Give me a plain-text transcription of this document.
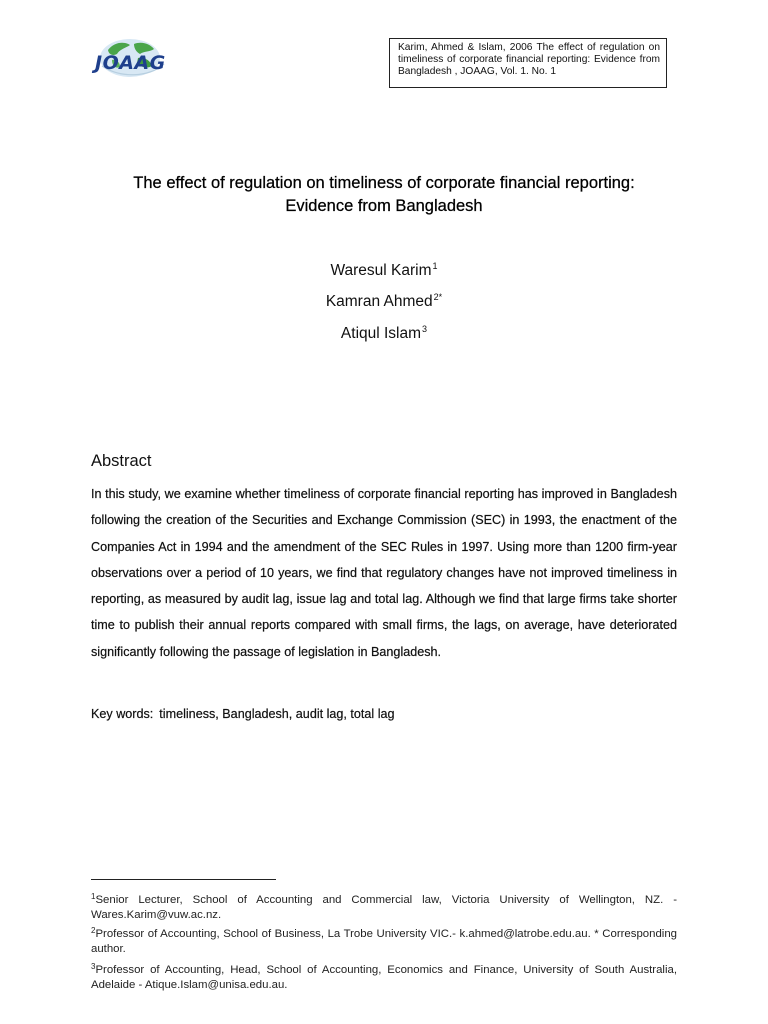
JOAAG
Karim, Ahmed & Islam, 2006 The effect of regulation on timeliness of corporate financial reporting: Evidence from Bangladesh , JOAAG, Vol. 1. No. 1
The effect of regulation on timeliness of corporate financial reporting:
Evidence from Bangladesh
Waresul Karim$^1$
Kamran Ahmed$^{2*}$
Atiqul Islam$^3$
Abstract

In this study, we examine whether timeliness of corporate financial reporting has improved in Bangladesh following the creation of the Securities and Exchange Commission (SEC) in 1993, the enactment of the Companies Act in 1994 and the amendment of the SEC Rules in 1997. Using more than 1200 firm-year observations over a period of 10 years, we find that regulatory changes have not improved timeliness in reporting, as measured by audit lag, issue lag and total lag. Although we find that large firms take shorter time to publish their annual reports compared with small firms, the lags, on average, have deteriorated significantly following the passage of legislation in Bangladesh.

Key words: timeliness, Bangladesh, audit lag, total lag

$^1$Senior Lecturer, School of Accounting and Commercial law, Victoria University of Wellington, NZ. - Wares.Karim@vuw.ac.nz.

$^2$Professor of Accounting, School of Business, La Trobe University VIC.- k.ahmed@latrobe.edu.au. * Corresponding author.

$^3$Professor of Accounting, Head, School of Accounting, Economics and Finance, University of South Australia, Adelaide - Atique.Islam@unisa.edu.au.
